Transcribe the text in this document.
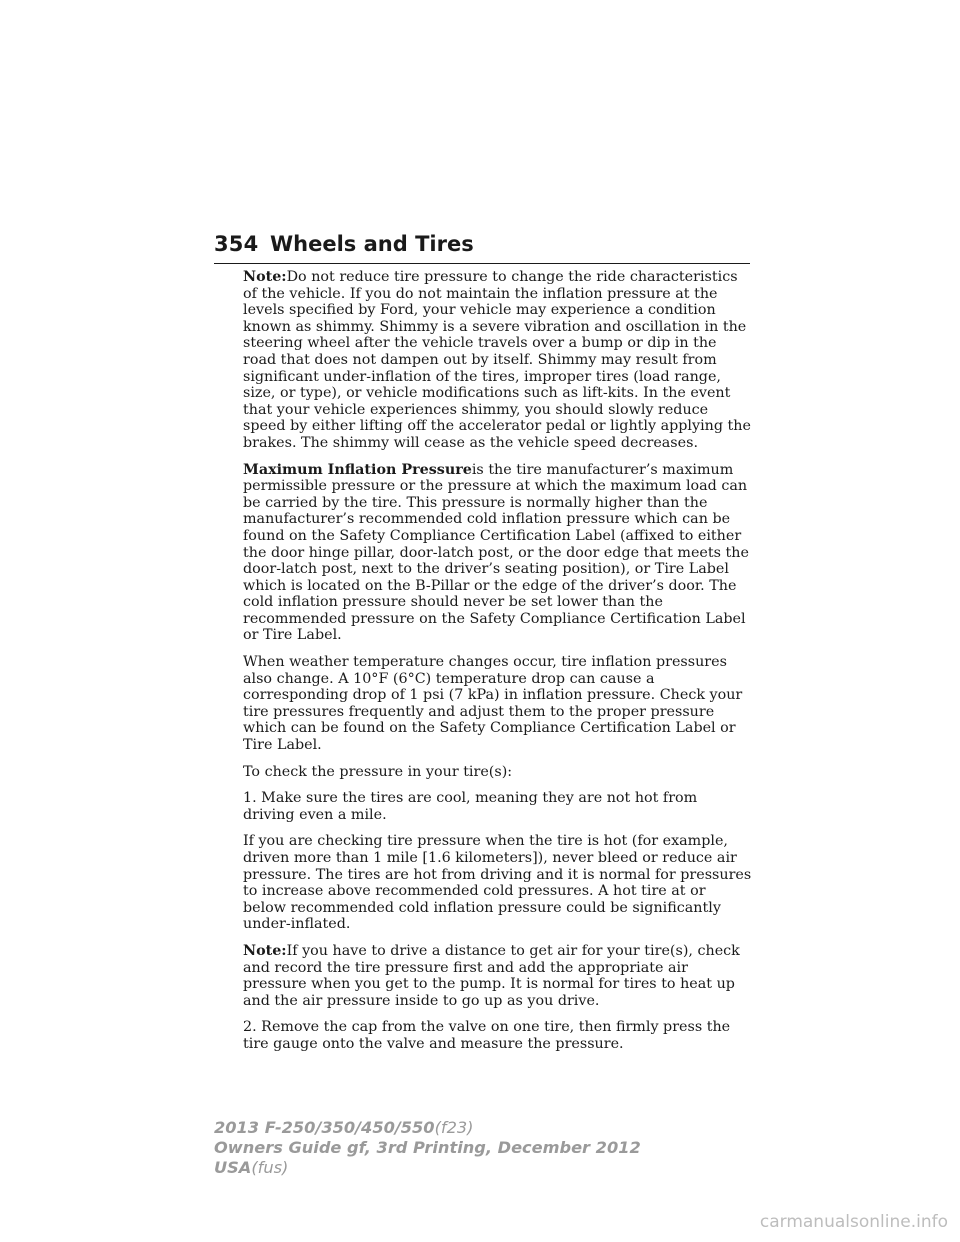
354 Wheels and Tires

Note:Do not reduce tire pressure to change the ride characteristics of the vehicle. If you do not maintain the inflation pressure at the levels specified by Ford, your vehicle may experience a condition known as shimmy. Shimmy is a severe vibration and oscillation in the steering wheel after the vehicle travels over a bump or dip in the road that does not dampen out by itself. Shimmy may result from significant under-inflation of the tires, improper tires (load range, size, or type), or vehicle modifications such as lift-kits. In the event that your vehicle experiences shimmy, you should slowly reduce speed by either lifting off the accelerator pedal or lightly applying the brakes. The shimmy will cease as the vehicle speed decreases.

Maximum Inflation Pressureis the tire manufacturer’s maximum permissible pressure or the pressure at which the maximum load can be carried by the tire. This pressure is normally higher than the manufacturer’s recommended cold inflation pressure which can be found on the Safety Compliance Certification Label (affixed to either the door hinge pillar, door-latch post, or the door edge that meets the door-latch post, next to the driver’s seating position), or Tire Label which is located on the B-Pillar or the edge of the driver’s door. The cold inflation pressure should never be set lower than the recommended pressure on the Safety Compliance Certification Label or Tire Label.

When weather temperature changes occur, tire inflation pressures also change. A 10°F (6°C) temperature drop can cause a corresponding drop of 1 psi (7 kPa) in inflation pressure. Check your tire pressures frequently and adjust them to the proper pressure which can be found on the Safety Compliance Certification Label or Tire Label.

To check the pressure in your tire(s):

1. Make sure the tires are cool, meaning they are not hot from driving even a mile.

If you are checking tire pressure when the tire is hot (for example, driven more than 1 mile [1.6 kilometers]), never bleed or reduce air pressure. The tires are hot from driving and it is normal for pressures to increase above recommended cold pressures. A hot tire at or below recommended cold inflation pressure could be significantly under-inflated.

Note:If you have to drive a distance to get air for your tire(s), check and record the tire pressure first and add the appropriate air pressure when you get to the pump. It is normal for tires to heat up and the air pressure inside to go up as you drive.

2. Remove the cap from the valve on one tire, then firmly press the tire gauge onto the valve and measure the pressure.

2013 F-250/350/450/550(f23)
Owners Guide gf, 3rd Printing, December 2012
USA(fus)
carmanualsonline.info
